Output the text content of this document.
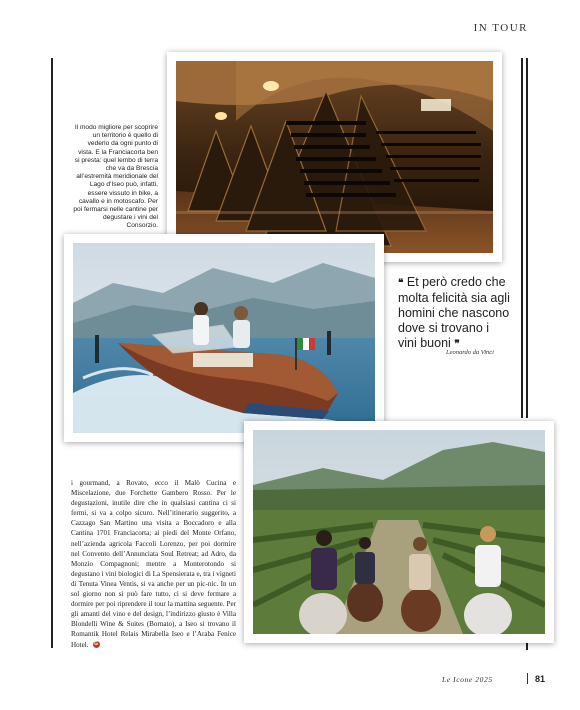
IN TOUR
Il modo migliore per scoprire un territorio è quello di vederlo da ogni punto di vista. E la Franciacorta ben si presta: quel lembo di terra che va da Brescia all’estremità meridionale del Lago d’Iseo può, infatti, essere vissuto in bike, a cavallo e in motoscafo. Per poi fermarsi nelle cantine per degustare i vini del Consorzio.
❝ Et però credo che molta felicità sia agli homini che nascono dove si trovano i vini buoni ❞
Leonardo da Vinci
i gourmand, a Rovato, ecco il Malò Cucina e Miscelazione, due Forchette Gambero Rosso. Per le degustazioni, inutile dire che in qualsiasi cantina ci si fermi, si va a colpo sicuro. Nell’itinerario suggerito, a Cazzago San Martino una visita a Boccadoro e alla Cantina 1701 Franciacorta; ai piedi del Monte Orfano, nell’azienda agricola Faccoli Lorenzo, per poi dormire nel Convento dell’Annunciata Soul Retreat; ad Adro, da Monzio Compagnoni; mentre a Monterotondo si degustano i vini biologici di La Spensierata e, tra i vigneti di Tenuta Vinea Ventis, si va anche per un pic-nic. In un sol giorno non si può fare tutto, ci si deve fermare a dormire per poi riprendere il tour la mattina seguente. Per gli amanti del vino e del design, l’indirizzo giusto è Villa Blondelli Wine & Suites (Bornato), a Iseo si trovano il Romantik Hotel Relais Mirabella Iseo e l’Araba Fenice Hotel. G
Le Icone 2025	81
